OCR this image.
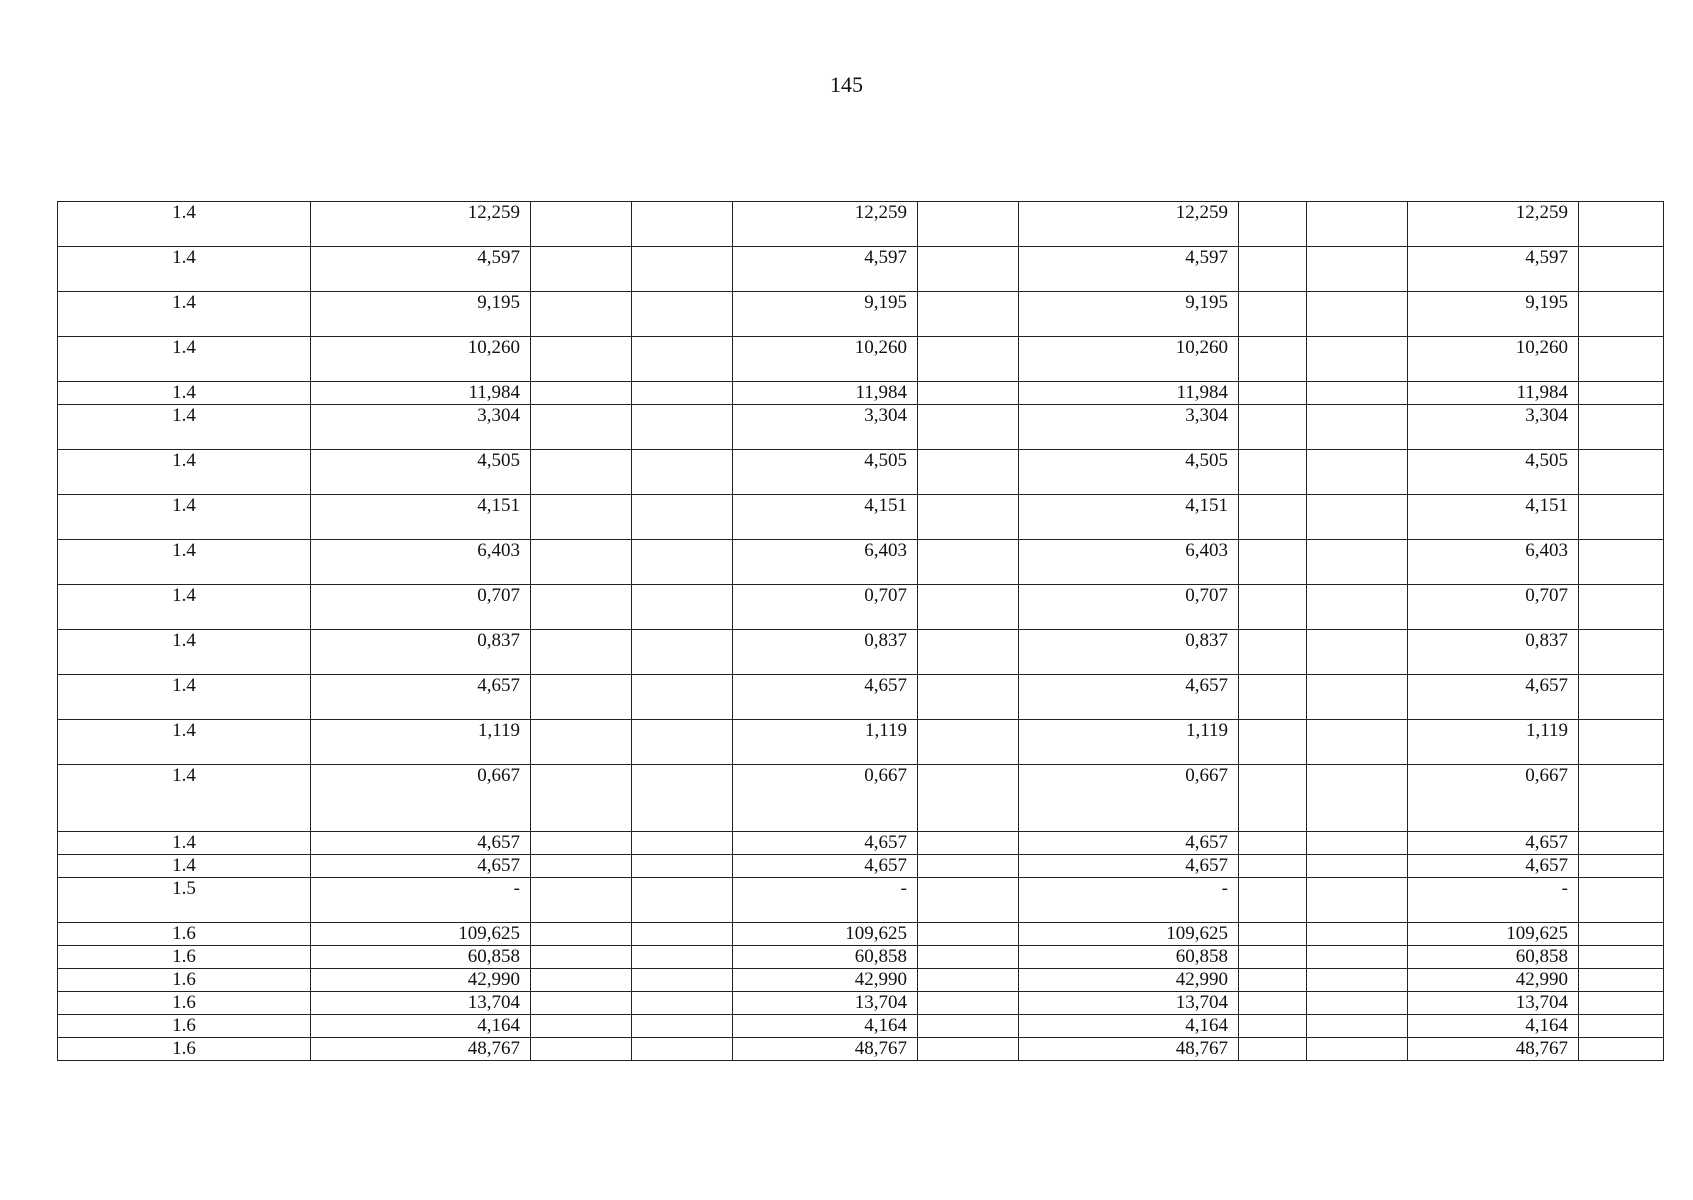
145
1.4	12,259			12,259		12,259			12,259	
1.4	4,597			4,597		4,597			4,597	
1.4	9,195			9,195		9,195			9,195	
1.4	10,260			10,260		10,260			10,260	
1.4	11,984			11,984		11,984			11,984	
1.4	3,304			3,304		3,304			3,304	
1.4	4,505			4,505		4,505			4,505	
1.4	4,151			4,151		4,151			4,151	
1.4	6,403			6,403		6,403			6,403	
1.4	0,707			0,707		0,707			0,707	
1.4	0,837			0,837		0,837			0,837	
1.4	4,657			4,657		4,657			4,657	
1.4	1,119			1,119		1,119			1,119	
1.4	0,667			0,667		0,667			0,667	
1.4	4,657			4,657		4,657			4,657	
1.4	4,657			4,657		4,657			4,657	
1.5	-			-		-			-	
1.6	109,625			109,625		109,625			109,625	
1.6	60,858			60,858		60,858			60,858	
1.6	42,990			42,990		42,990			42,990	
1.6	13,704			13,704		13,704			13,704	
1.6	4,164			4,164		4,164			4,164	
1.6	48,767			48,767		48,767			48,767	
